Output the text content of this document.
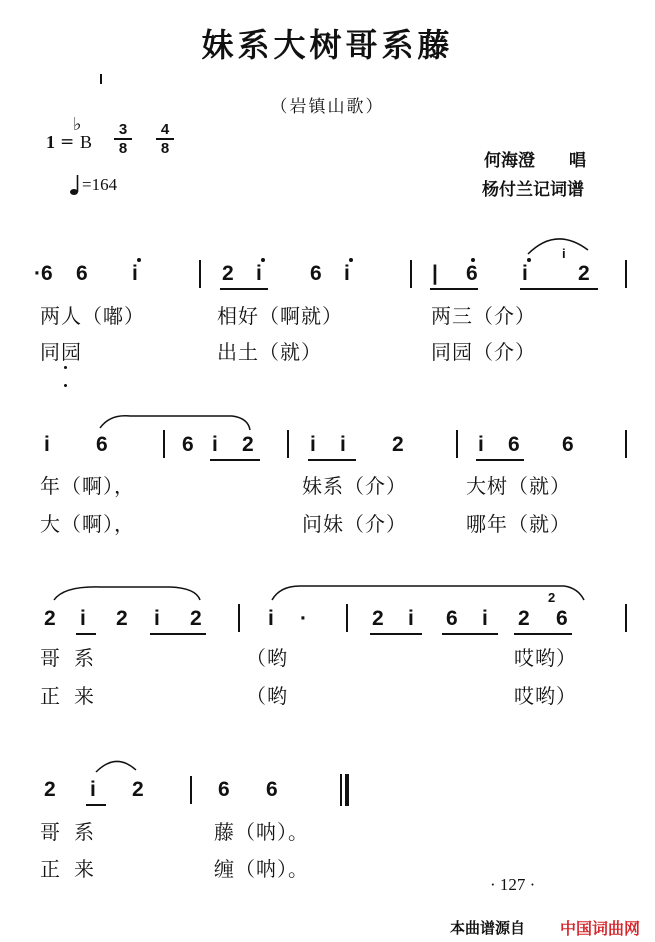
妹系大树哥系藤
（岩镇山歌）
1 =
♭
B
3
8
4
8
=164
何海澄　　唱
杨付兰记词谱
·6 6 i	2 i 6 i	| 6 i
i
2
两人（嘟）	相好（啊就）	两三（介）
同园	出土（就）	同园（介）
i 6	6 i 2	i i 2	i 6 6
年（啊），	妹系（介）	大树（就）
大（啊），	问妹（介）	哪年（就）
2 i 2 i 2	i ·	2 i 6 i 2
2
6
哥系	（哟	哎哟）
正来	（哟	哎哟）
2 i 2	6 6
哥系	藤（呐）。
正来	缠（呐）。
· 127 ·
本曲谱源自 中国词曲网
